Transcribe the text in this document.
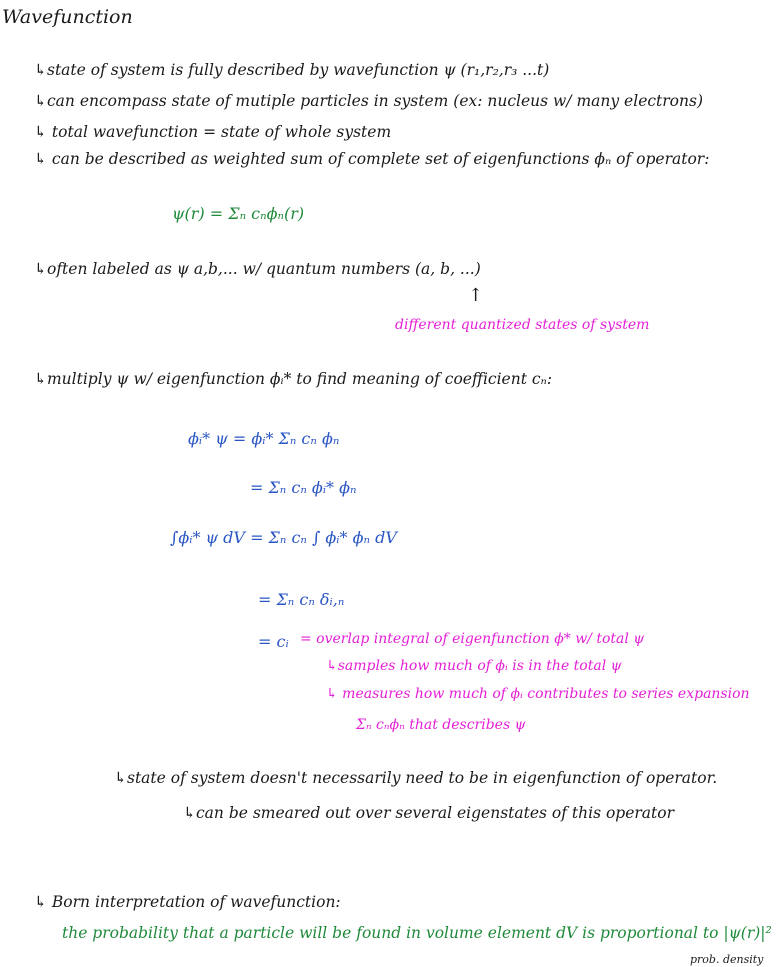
Wavefunction
↳state of system is fully described by wavefunction ψ (r₁,r₂,r₃ ...t)
↳can encompass state of mutiple particles in system (ex: nucleus w/ many electrons)
↳ total wavefunction = state of whole system
↳ can be described as weighted sum of complete set of eigenfunctions ϕₙ of operator:
ψ(r) = Σₙ cₙϕₙ(r)
↳often labeled as ψ a,b,... w/ quantum numbers (a, b, ...)
↑
different quantized states of system
↳multiply ψ w/ eigenfunction ϕᵢ* to find meaning of coefficient cₙ:
ϕᵢ* ψ = ϕᵢ* Σₙ cₙ ϕₙ
= Σₙ cₙ ϕᵢ* ϕₙ
∫ϕᵢ* ψ dV = Σₙ cₙ ∫ ϕᵢ* ϕₙ dV
= Σₙ cₙ δᵢ,ₙ
= cᵢ = overlap integral of eigenfunction ϕ* w/ total ψ
↳samples how much of ϕᵢ is in the total ψ
↳ measures how much of ϕᵢ contributes to series expansion
Σₙ cₙϕₙ that describes ψ
↳state of system doesn't necessarily need to be in eigenfunction of operator.
↳can be smeared out over several eigenstates of this operator
↳ Born interpretation of wavefunction:
the probability that a particle will be found in volume element dV is proportional to |ψ(r)|²
prob. density
